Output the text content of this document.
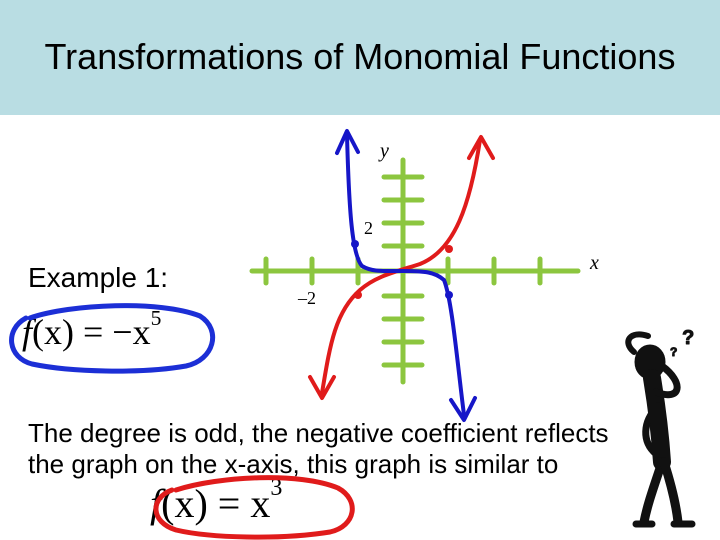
Transformations of Monomial Functions
y
x
2
–2
Example 1:
$f(x) = -x^5$
The degree is odd, the negative coefficient reflects the graph on the x-axis, this graph is similar to
$f(x) = x^3$
?
?
